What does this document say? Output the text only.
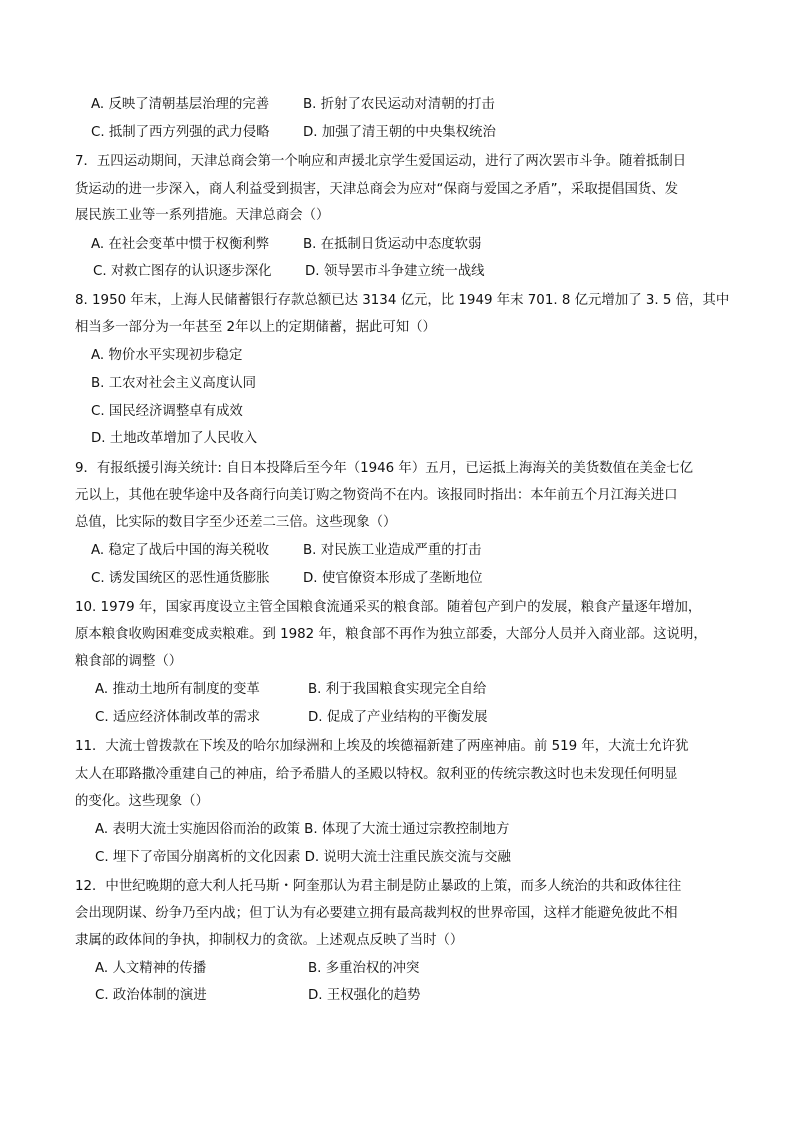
A. 反映了清朝基层治理的完善	B. 折射了农民运动对清朝的打击
C. 抵制了西方列强的武力侵略 D. 加强了清王朝的中央集权统治
7．五四运动期间，天津总商会第一个响应和声援北京学生爱国运动，进行了两次罢市斗争。随着抵制日
货运动的进一步深入，商人利益受到损害，天津总商会为应对“保商与爱国之矛盾”，采取提倡国货、发
展民族工业等一系列措施。天津总商会（）
A. 在社会变革中惯于权衡利弊	B. 在抵制日货运动中态度软弱
C. 对救亡图存的认识逐步深化 D. 领导罢市斗争建立统一战线
8. 1950 年末，上海人民储蓄银行存款总额已达 3134 亿元，比 1949 年末 701. 8 亿元增加了 3. 5 倍，其中
相当多一部分为一年甚至 2年以上的定期储蓄，据此可知（）
A. 物价水平实现初步稳定
B. 工农对社会主义高度认同
C. 国民经济调整卓有成效
D. 土地改革增加了人民收入
9．有报纸援引海关统计: 自日本投降后至今年（1946 年）五月，已运抵上海海关的美货数值在美金七亿
元以上，其他在驶华途中及各商行向美订购之物资尚不在内。该报同时指出：本年前五个月江海关进口
总值，比实际的数目字至少还差二三倍。这些现象（）
A. 稳定了战后中国的海关税收	B. 对民族工业造成严重的打击
C. 诱发国统区的恶性通货膨胀 D. 使官僚资本形成了垄断地位
10. 1979 年，国家再度设立主管全国粮食流通采买的粮食部。随着包产到户的发展，粮食产量逐年增加，
原本粮食收购困难变成卖粮难。到 1982 年，粮食部不再作为独立部委，大部分人员并入商业部。这说明，
粮食部的调整（）
A. 推动土地所有制度的变革	B. 利于我国粮食实现完全自给
C. 适应经济体制改革的需求	D. 促成了产业结构的平衡发展
11．大流士曾拨款在下埃及的哈尔加绿洲和上埃及的埃德福新建了两座神庙。前 519 年，大流士允许犹
太人在耶路撒冷重建自己的神庙，给予希腊人的圣殿以特权。叙利亚的传统宗教这时也未发现任何明显
的变化。这些现象（）
A. 表明大流士实施因俗而治的政策 B. 体现了大流士通过宗教控制地方
C. 埋下了帝国分崩离析的文化因素 D. 说明大流士注重民族交流与交融
12．中世纪晚期的意大利人托马斯・阿奎那认为君主制是防止暴政的上策，而多人统治的共和政体往往
会出现阴谋、纷争乃至内战；但丁认为有必要建立拥有最高裁判权的世界帝国，这样才能避免彼此不相
隶属的政体间的争执，抑制权力的贪欲。上述观点反映了当时（）
A. 人文精神的传播	B. 多重治权的冲突
C. 政治体制的演进	D. 王权强化的趋势
